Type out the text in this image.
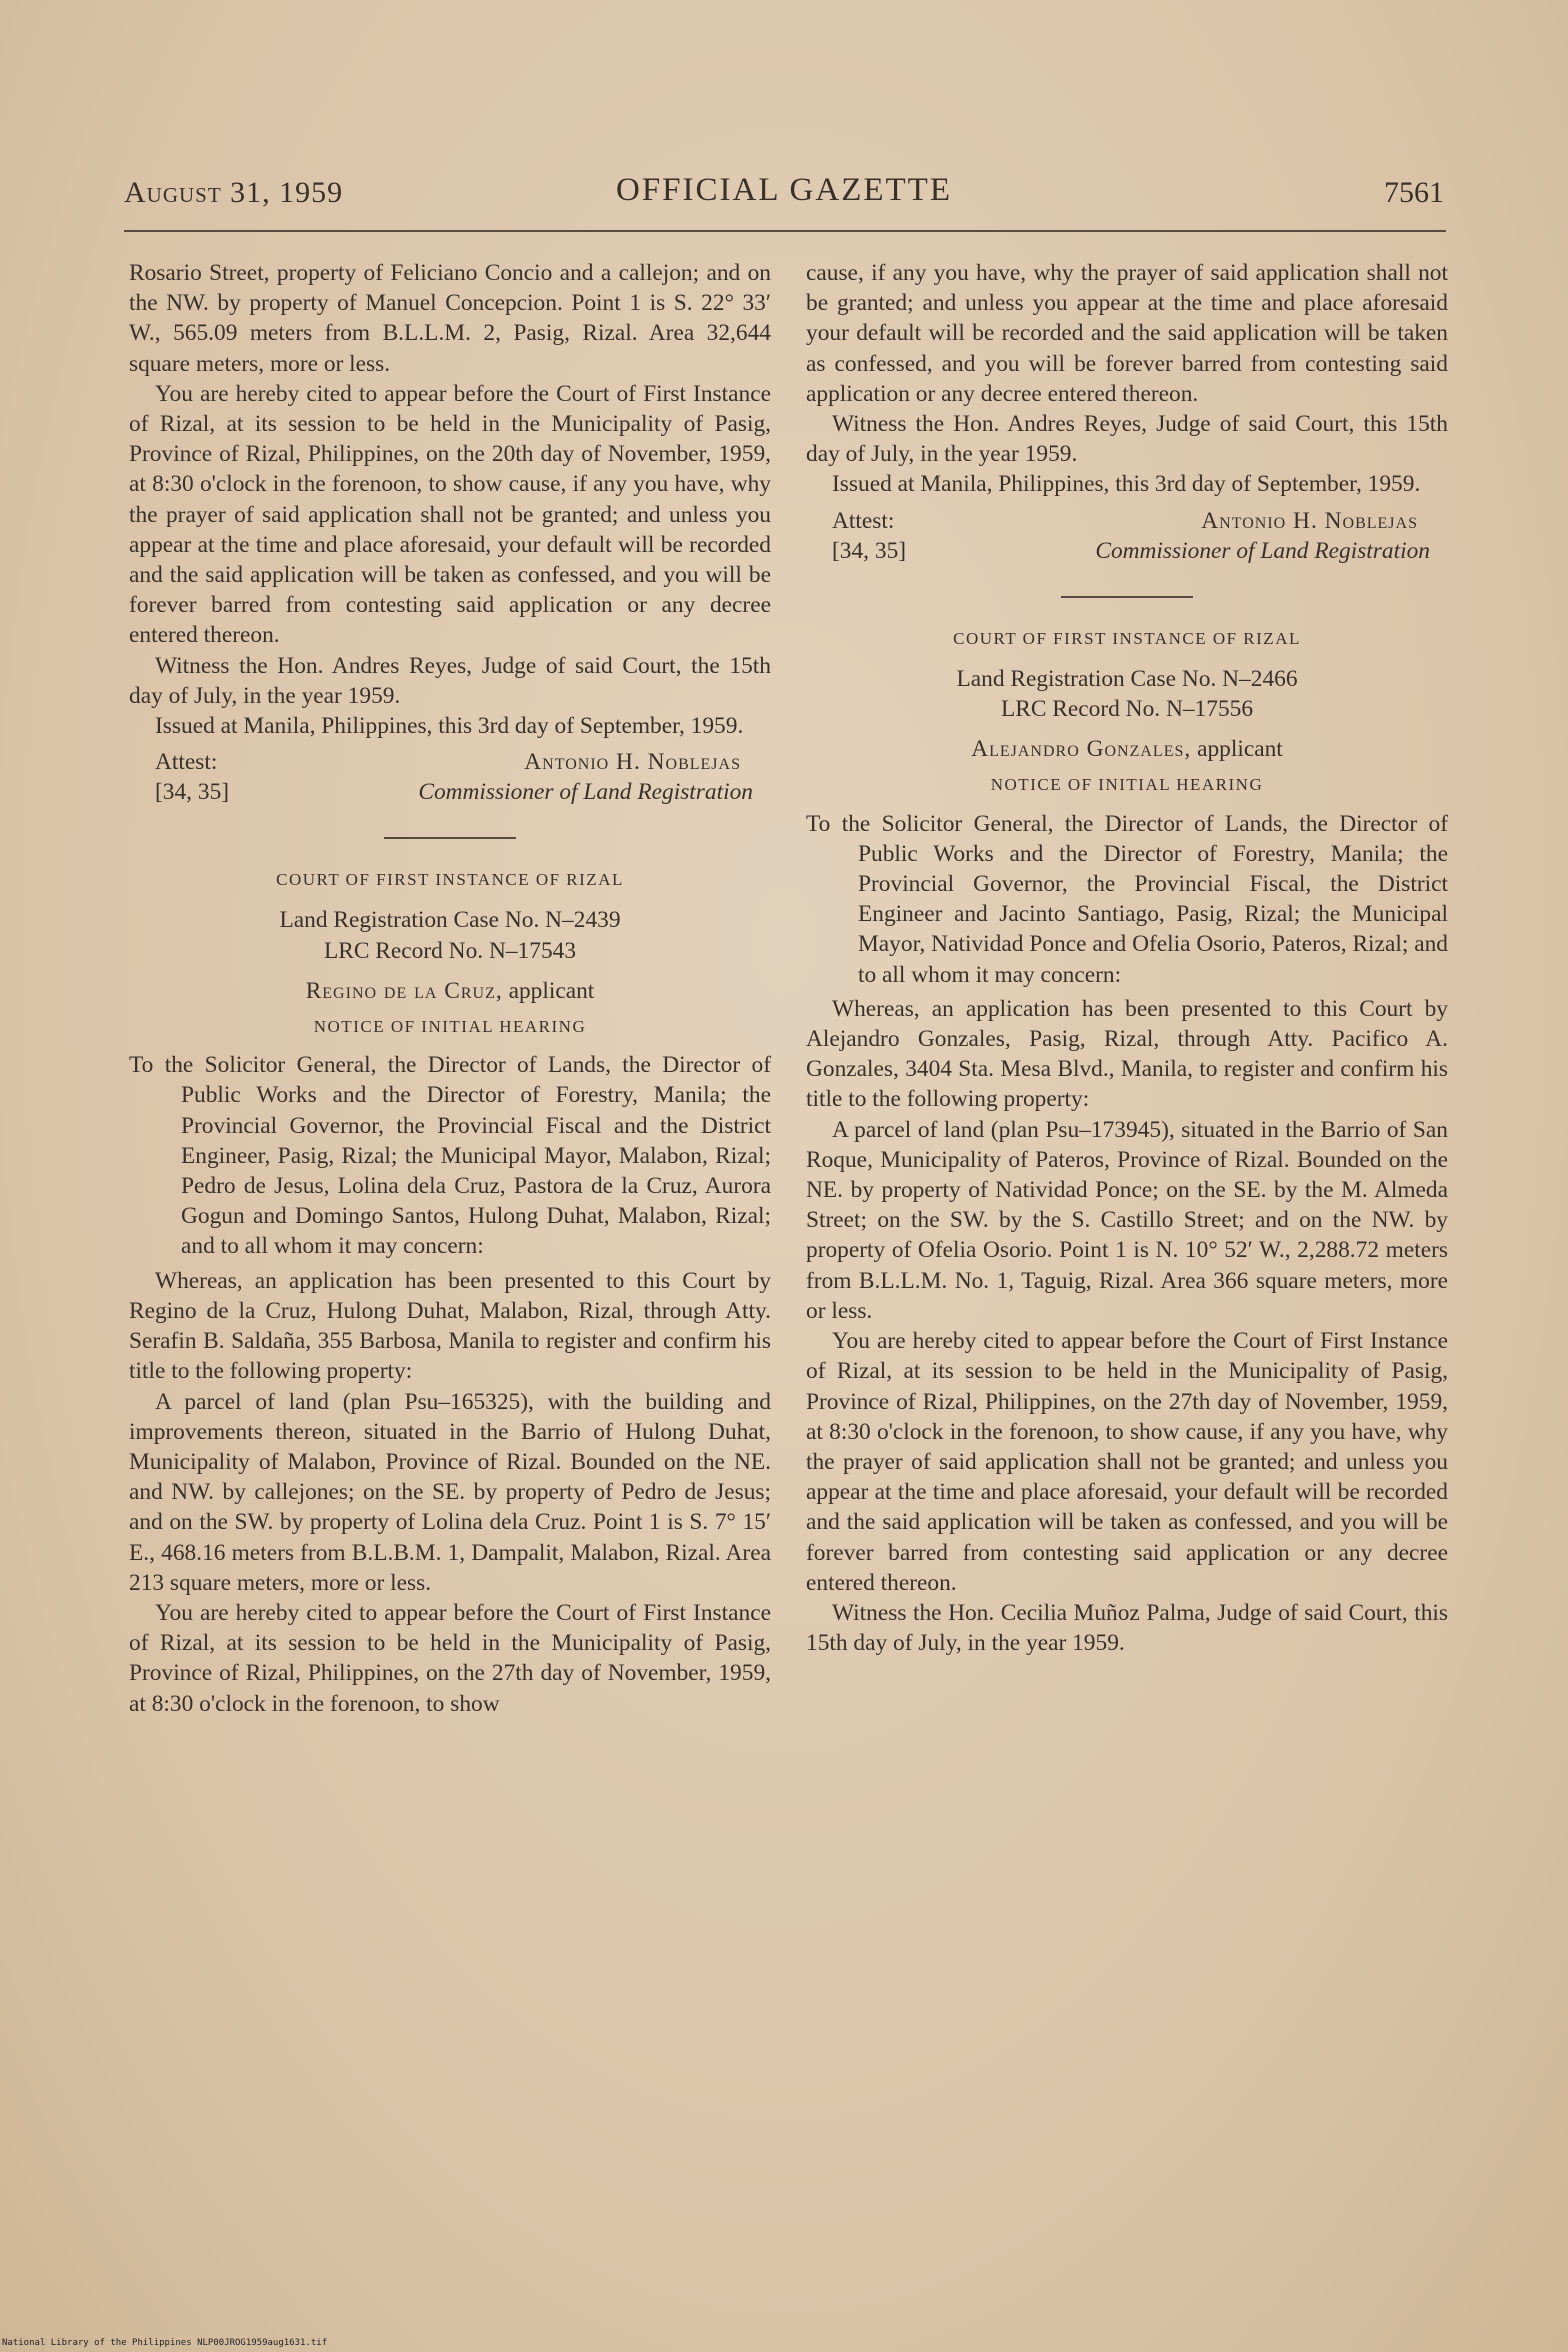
August 31, 1959	OFFICIAL GAZETTE	7561

Rosario Street, property of Feliciano Concio and a callejon; and on the NW. by property of Manuel Concepcion. Point 1 is S. 22° 33′ W., 565.09 meters from B.L.L.M. 2, Pasig, Rizal. Area 32,644 square meters, more or less.

You are hereby cited to appear before the Court of First Instance of Rizal, at its session to be held in the Municipality of Pasig, Province of Rizal, Philippines, on the 20th day of November, 1959, at 8:30 o'clock in the forenoon, to show cause, if any you have, why the prayer of said application shall not be granted; and unless you appear at the time and place aforesaid, your default will be recorded and the said application will be taken as confessed, and you will be forever barred from contesting said application or any decree entered thereon.

Witness the Hon. Andres Reyes, Judge of said Court, the 15th day of July, in the year 1959.

Issued at Manila, Philippines, this 3rd day of September, 1959.

Attest:
[34, 35]
Antonio H. Noblejas
Commissioner of Land Registration
COURT OF FIRST INSTANCE OF RIZAL

Land Registration Case No. N–2439

LRC Record No. N–17543

Regino de la Cruz, applicant

NOTICE OF INITIAL HEARING

To the Solicitor General, the Director of Lands, the Director of Public Works and the Director of Forestry, Manila; the Provincial Governor, the Provincial Fiscal and the District Engineer, Pasig, Rizal; the Municipal Mayor, Malabon, Rizal; Pedro de Jesus, Lolina dela Cruz, Pastora de la Cruz, Aurora Gogun and Domingo Santos, Hulong Duhat, Malabon, Rizal; and to all whom it may concern:

Whereas, an application has been presented to this Court by Regino de la Cruz, Hulong Duhat, Malabon, Rizal, through Atty. Serafin B. Saldaña, 355 Barbosa, Manila to register and confirm his title to the following property:

A parcel of land (plan Psu–165325), with the building and improvements thereon, situated in the Barrio of Hulong Duhat, Municipality of Malabon, Province of Rizal. Bounded on the NE. and NW. by callejones; on the SE. by property of Pedro de Jesus; and on the SW. by property of Lolina dela Cruz. Point 1 is S. 7° 15′ E., 468.16 meters from B.L.B.M. 1, Dampalit, Malabon, Rizal. Area 213 square meters, more or less.

You are hereby cited to appear before the Court of First Instance of Rizal, at its session to be held in the Municipality of Pasig, Province of Rizal, Philippines, on the 27th day of November, 1959, at 8:30 o'clock in the forenoon, to show

cause, if any you have, why the prayer of said application shall not be granted; and unless you appear at the time and place aforesaid your default will be recorded and the said application will be taken as confessed, and you will be forever barred from contesting said application or any decree entered thereon.

Witness the Hon. Andres Reyes, Judge of said Court, this 15th day of July, in the year 1959.

Issued at Manila, Philippines, this 3rd day of September, 1959.

Attest:
[34, 35]
Antonio H. Noblejas
Commissioner of Land Registration
COURT OF FIRST INSTANCE OF RIZAL

Land Registration Case No. N–2466

LRC Record No. N–17556

Alejandro Gonzales, applicant

NOTICE OF INITIAL HEARING

To the Solicitor General, the Director of Lands, the Director of Public Works and the Director of Forestry, Manila; the Provincial Governor, the Provincial Fiscal, the District Engineer and Jacinto Santiago, Pasig, Rizal; the Municipal Mayor, Natividad Ponce and Ofelia Osorio, Pateros, Rizal; and to all whom it may concern:

Whereas, an application has been presented to this Court by Alejandro Gonzales, Pasig, Rizal, through Atty. Pacifico A. Gonzales, 3404 Sta. Mesa Blvd., Manila, to register and confirm his title to the following property:

A parcel of land (plan Psu–173945), situated in the Barrio of San Roque, Municipality of Pateros, Province of Rizal. Bounded on the NE. by property of Natividad Ponce; on the SE. by the M. Almeda Street; on the SW. by the S. Castillo Street; and on the NW. by property of Ofelia Osorio. Point 1 is N. 10° 52′ W., 2,288.72 meters from B.L.L.M. No. 1, Taguig, Rizal. Area 366 square meters, more or less.

You are hereby cited to appear before the Court of First Instance of Rizal, at its session to be held in the Municipality of Pasig, Province of Rizal, Philippines, on the 27th day of November, 1959, at 8:30 o'clock in the forenoon, to show cause, if any you have, why the prayer of said application shall not be granted; and unless you appear at the time and place aforesaid, your default will be recorded and the said application will be taken as confessed, and you will be forever barred from contesting said application or any decree entered thereon.

Witness the Hon. Cecilia Muñoz Palma, Judge of said Court, this 15th day of July, in the year 1959.

National Library of the Philippines NLP00JROG1959aug1631.tif
